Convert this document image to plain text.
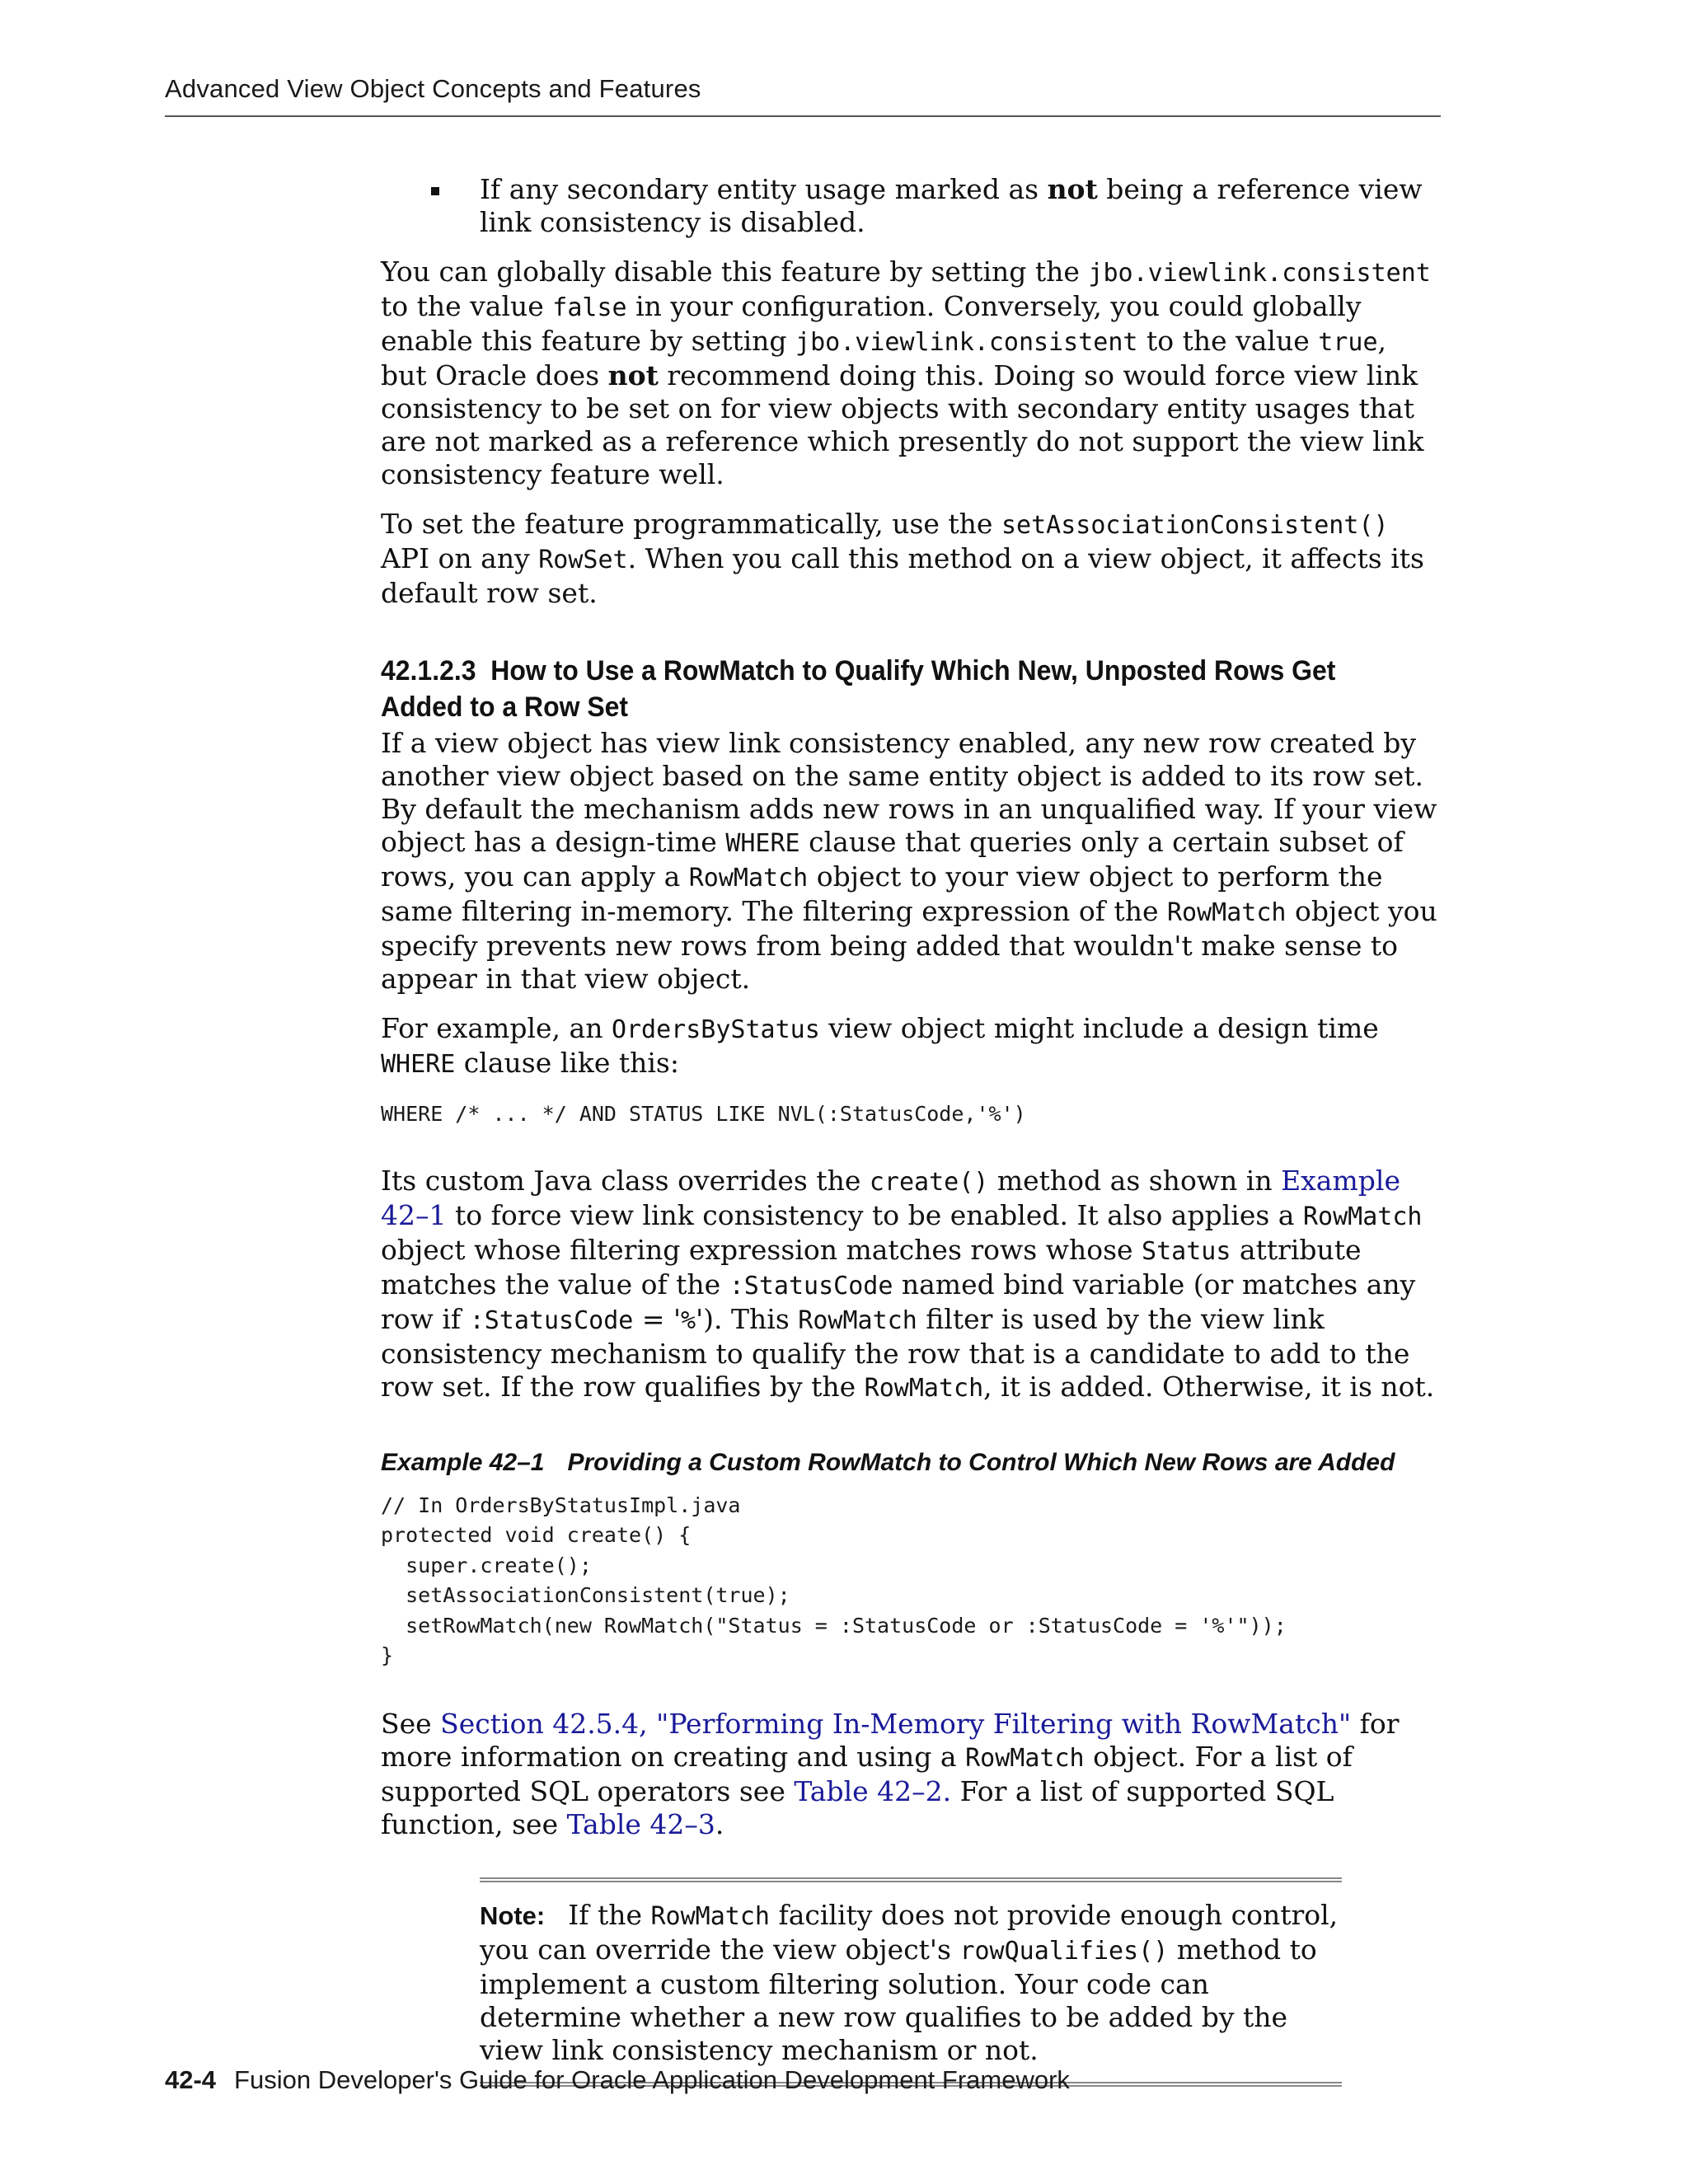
Advanced View Object Concepts and Features
If any secondary entity usage marked as not being a reference view link consistency is disabled.
You can globally disable this feature by setting the jbo.viewlink.consistent to the value false in your configuration. Conversely, you could globally enable this feature by setting jbo.viewlink.consistent to the value true, but Oracle does not recommend doing this. Doing so would force view link consistency to be set on for view objects with secondary entity usages that are not marked as a reference which presently do not support the view link consistency feature well.
To set the feature programmatically, use the setAssociationConsistent() API on any RowSet. When you call this method on a view object, it affects its default row set.
42.1.2.3 How to Use a RowMatch to Qualify Which New, Unposted Rows Get Added to a Row Set
If a view object has view link consistency enabled, any new row created by another view object based on the same entity object is added to its row set. By default the mechanism adds new rows in an unqualified way. If your view object has a design-time WHERE clause that queries only a certain subset of rows, you can apply a RowMatch object to your view object to perform the same filtering in-memory. The filtering expression of the RowMatch object you specify prevents new rows from being added that wouldn't make sense to appear in that view object.
For example, an OrdersByStatus view object might include a design time WHERE clause like this:
WHERE /* ... */ AND STATUS LIKE NVL(:StatusCode,'%')
Its custom Java class overrides the create() method as shown in Example 42–1 to force view link consistency to be enabled. It also applies a RowMatch object whose filtering expression matches rows whose Status attribute matches the value of the :StatusCode named bind variable (or matches any row if :StatusCode = '%'). This RowMatch filter is used by the view link consistency mechanism to qualify the row that is a candidate to add to the row set. If the row qualifies by the RowMatch, it is added. Otherwise, it is not.
Example 42–1 Providing a Custom RowMatch to Control Which New Rows are Added
// In OrdersByStatusImpl.java
protected void create() {
super.create();
setAssociationConsistent(true);
setRowMatch(new RowMatch("Status = :StatusCode or :StatusCode = '%'"));
}
See Section 42.5.4, "Performing In-Memory Filtering with RowMatch" for more information on creating and using a RowMatch object. For a list of supported SQL operators see Table 42–2. For a list of supported SQL function, see Table 42–3.
Note: If the RowMatch facility does not provide enough control, you can override the view object's rowQualifies() method to implement a custom filtering solution. Your code can determine whether a new row qualifies to be added by the view link consistency mechanism or not.
42-4 Fusion Developer's Guide for Oracle Application Development Framework
